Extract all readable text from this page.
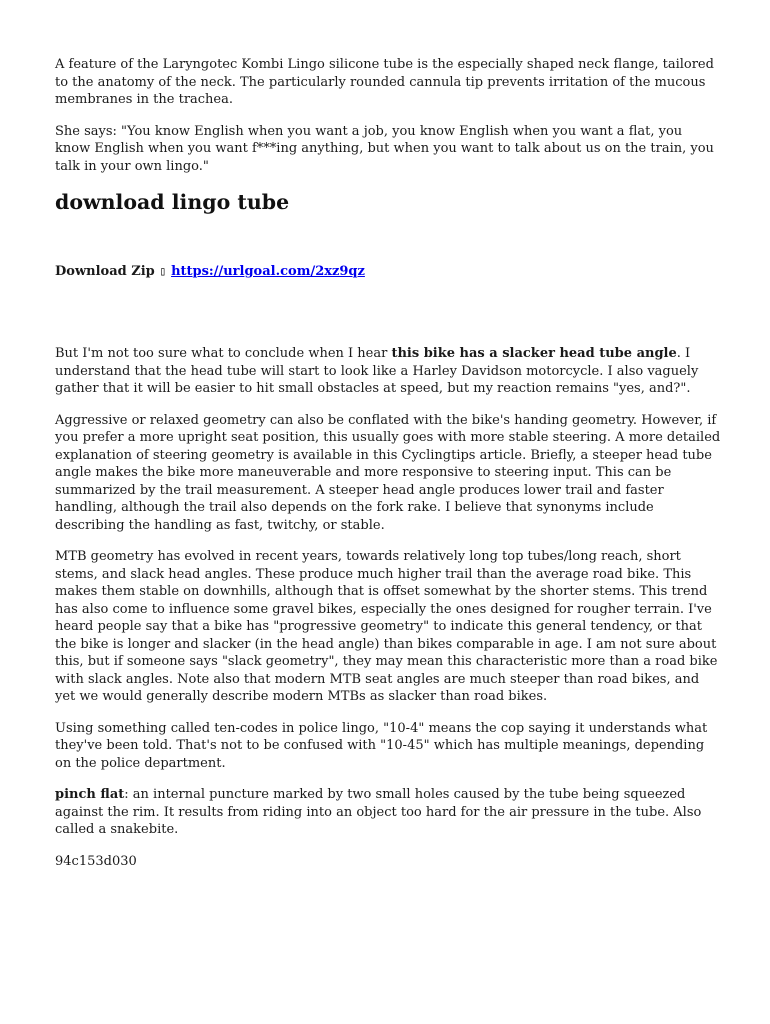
A feature of the Laryngotec Kombi Lingo silicone tube is the especially shaped neck flange, tailored to the anatomy of the neck. The particularly rounded cannula tip prevents irritation of the mucous membranes in the trachea.

She says: "You know English when you want a job, you know English when you want a flat, you know English when you want f***ing anything, but when you want to talk about us on the train, you talk in your own lingo."

download lingo tube
Download Zip ▯ https://urlgoal.com/2xz9qz

But I'm not too sure what to conclude when I hear this bike has a slacker head tube angle. I understand that the head tube will start to look like a Harley Davidson motorcycle. I also vaguely gather that it will be easier to hit small obstacles at speed, but my reaction remains "yes, and?".

Aggressive or relaxed geometry can also be conflated with the bike's handing geometry. However, if you prefer a more upright seat position, this usually goes with more stable steering. A more detailed explanation of steering geometry is available in this Cyclingtips article. Briefly, a steeper head tube angle makes the bike more maneuverable and more responsive to steering input. This can be summarized by the trail measurement. A steeper head angle produces lower trail and faster handling, although the trail also depends on the fork rake. I believe that synonyms include describing the handling as fast, twitchy, or stable.

MTB geometry has evolved in recent years, towards relatively long top tubes/long reach, short stems, and slack head angles. These produce much higher trail than the average road bike. This makes them stable on downhills, although that is offset somewhat by the shorter stems. This trend has also come to influence some gravel bikes, especially the ones designed for rougher terrain. I've heard people say that a bike has "progressive geometry" to indicate this general tendency, or that the bike is longer and slacker (in the head angle) than bikes comparable in age. I am not sure about this, but if someone says "slack geometry", they may mean this characteristic more than a road bike with slack angles. Note also that modern MTB seat angles are much steeper than road bikes, and yet we would generally describe modern MTBs as slacker than road bikes.

Using something called ten-codes in police lingo, "10-4" means the cop saying it understands what they've been told. That's not to be confused with "10-45" which has multiple meanings, depending on the police department.

pinch flat: an internal puncture marked by two small holes caused by the tube being squeezed against the rim. It results from riding into an object too hard for the air pressure in the tube. Also called a snakebite.

94c153d030
